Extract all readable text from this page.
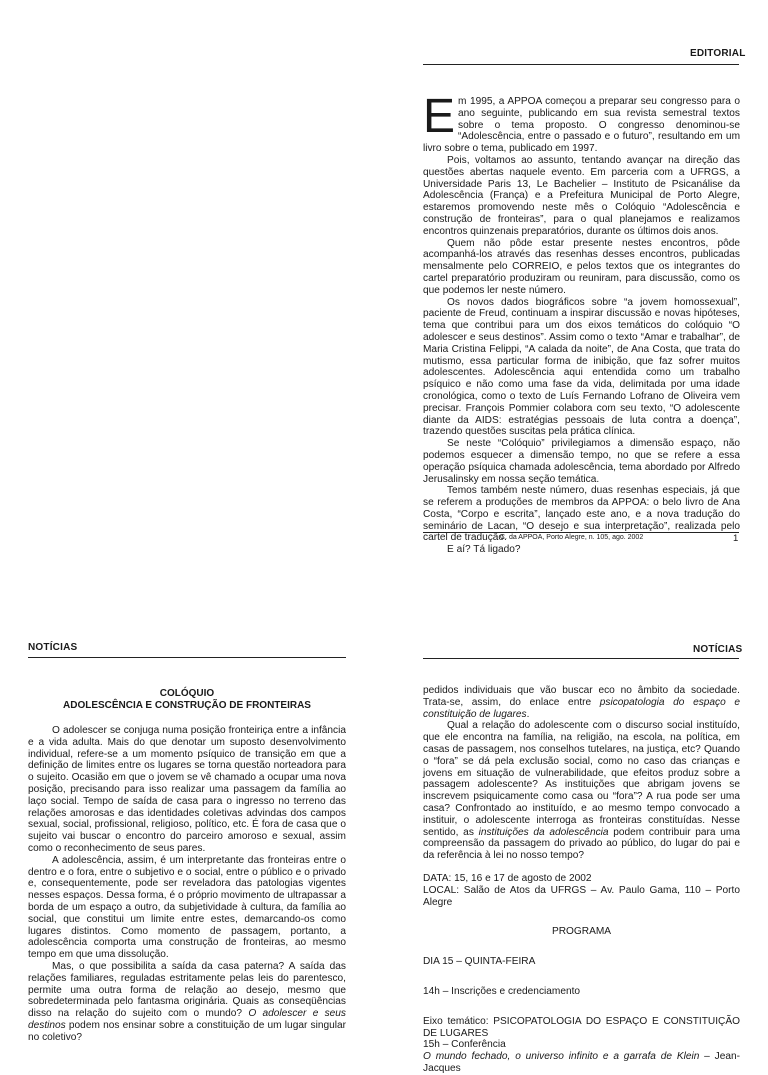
EDITORIAL

Em 1995, a APPOA começou a preparar seu congresso para o ano seguinte, publicando em sua revista semestral textos sobre o tema proposto. O congresso denominou-se “Adolescência, entre o passado e o futuro”, resultando em um livro sobre o tema, publicado em 1997.

Pois, voltamos ao assunto, tentando avançar na direção das questões abertas naquele evento. Em parceria com a UFRGS, a Universidade Paris 13, Le Bachelier – Instituto de Psicanálise da Adolescência (França) e a Prefeitura Municipal de Porto Alegre, estaremos promovendo neste mês o Colóquio “Adolescência e construção de fronteiras”, para o qual planejamos e realizamos encontros quinzenais preparatórios, durante os últimos dois anos.

Quem não pôde estar presente nestes encontros, pôde acompanhá-los através das resenhas desses encontros, publicadas mensalmente pelo CORREIO, e pelos textos que os integrantes do cartel preparatório produziram ou reuniram, para discussão, como os que podemos ler neste número.

Os novos dados biográficos sobre “a jovem homossexual”, paciente de Freud, continuam a inspirar discussão e novas hipóteses, tema que contribui para um dos eixos temáticos do colóquio “O adolescer e seus destinos”. Assim como o texto “Amar e trabalhar”, de Maria Cristina Felippi, “A calada da noite”, de Ana Costa, que trata do mutismo, essa particular forma de inibição, que faz sofrer muitos adolescentes. Adolescência aqui entendida como um trabalho psíquico e não como uma fase da vida, delimitada por uma idade cronológica, como o texto de Luís Fernando Lofrano de Oliveira vem precisar. François Pommier colabora com seu texto, “O adolescente diante da AIDS: estratégias pessoais de luta contra a doença”, trazendo questões suscitas pela prática clínica.

Se neste “Colóquio” privilegiamos a dimensão espaço, não podemos esquecer a dimensão tempo, no que se refere a essa operação psíquica chamada adolescência, tema abordado por Alfredo Jerusalinsky em nossa seção temática.

Temos também neste número, duas resenhas especiais, já que se referem a produções de membros da APPOA: o belo livro de Ana Costa, “Corpo e escrita”, lançado este ano, e a nova tradução do seminário de Lacan, “O desejo e sua interpretação”, realizada pelo cartel de tradução.

E aí? Tá ligado?

C. da APPOA, Porto Alegre, n. 105, ago. 2002	1
NOTÍCIAS
COLÓQUIO
ADOLESCÊNCIA E CONSTRUÇÃO DE FRONTEIRAS

O adolescer se conjuga numa posição fronteiriça entre a infância e a vida adulta. Mais do que denotar um suposto desenvolvimento individual, refere-se a um momento psíquico de transição em que a definição de limites entre os lugares se torna questão norteadora para o sujeito. Ocasião em que o jovem se vê chamado a ocupar uma nova posição, precisando para isso realizar uma passagem da família ao laço social. Tempo de saída de casa para o ingresso no terreno das relações amorosas e das identidades coletivas advindas dos campos sexual, social, profissional, religioso, político, etc. É fora de casa que o sujeito vai buscar o encontro do parceiro amoroso e sexual, assim como o reconhecimento de seus pares.

A adolescência, assim, é um interpretante das fronteiras entre o dentro e o fora, entre o subjetivo e o social, entre o público e o privado e, consequentemente, pode ser reveladora das patologias vigentes nesses espaços. Dessa forma, é o próprio movimento de ultrapassar a borda de um espaço a outro, da subjetividade à cultura, da família ao social, que constitui um limite entre estes, demarcando-os como lugares distintos. Como momento de passagem, portanto, a adolescência comporta uma construção de fronteiras, ao mesmo tempo em que uma dissolução.

Mas, o que possibilita a saída da casa paterna? A saída das relações familiares, reguladas estritamente pelas leis do parentesco, permite uma outra forma de relação ao desejo, mesmo que sobredeterminada pelo fantasma originária. Quais as conseqüências disso na relação do sujeito com o mundo? O adolescer e seus destinos podem nos ensinar sobre a constituição de um lugar singular no coletivo?

NOTÍCIAS

pedidos individuais que vão buscar eco no âmbito da sociedade. Trata-se, assim, do enlace entre psicopatologia do espaço e constituição de lugares.

Qual a relação do adolescente com o discurso social instituído, que ele encontra na família, na religião, na escola, na política, em casas de passagem, nos conselhos tutelares, na justiça, etc? Quando o “fora” se dá pela exclusão social, como no caso das crianças e jovens em situação de vulnerabilidade, que efeitos produz sobre a passagem adolescente? As instituições que abrigam jovens se inscrevem psiquicamente como casa ou “fora”? A rua pode ser uma casa? Confrontado ao instituído, e ao mesmo tempo convocado a instituir, o adolescente interroga as fronteiras constituídas. Nesse sentido, as instituições da adolescência podem contribuir para uma compreensão da passagem do privado ao público, do lugar do pai e da referência à lei no nosso tempo?

DATA: 15, 16 e 17 de agosto de 2002

LOCAL: Salão de Atos da UFRGS – Av. Paulo Gama, 110 – Porto Alegre

PROGRAMA

DIA 15 – QUINTA-FEIRA

14h – Inscrições e credenciamento

Eixo temático: PSICOPATOLOGIA DO ESPAÇO E CONSTITUIÇÃO DE LUGARES

15h – Conferência

O mundo fechado, o universo infinito e a garrafa de Klein – Jean-Jacques
